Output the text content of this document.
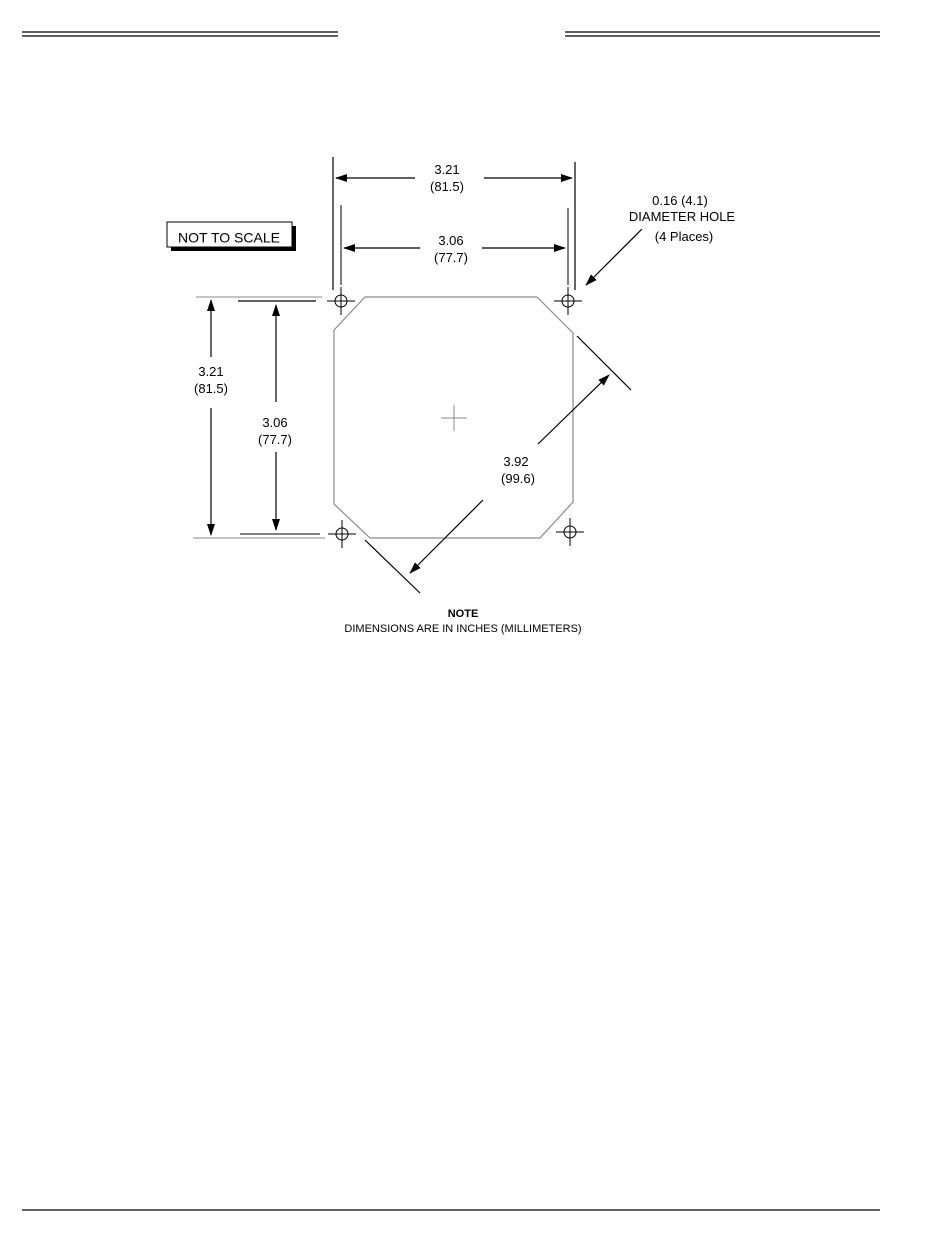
NOT TO SCALE
3.21
(81.5)
3.06
(77.7)
3.21
(81.5)
3.06
(77.7)
3.92
(99.6)
0.16 (4.1)
DIAMETER HOLE
(4 Places)
NOTE
DIMENSIONS ARE IN INCHES (MILLIMETERS)
